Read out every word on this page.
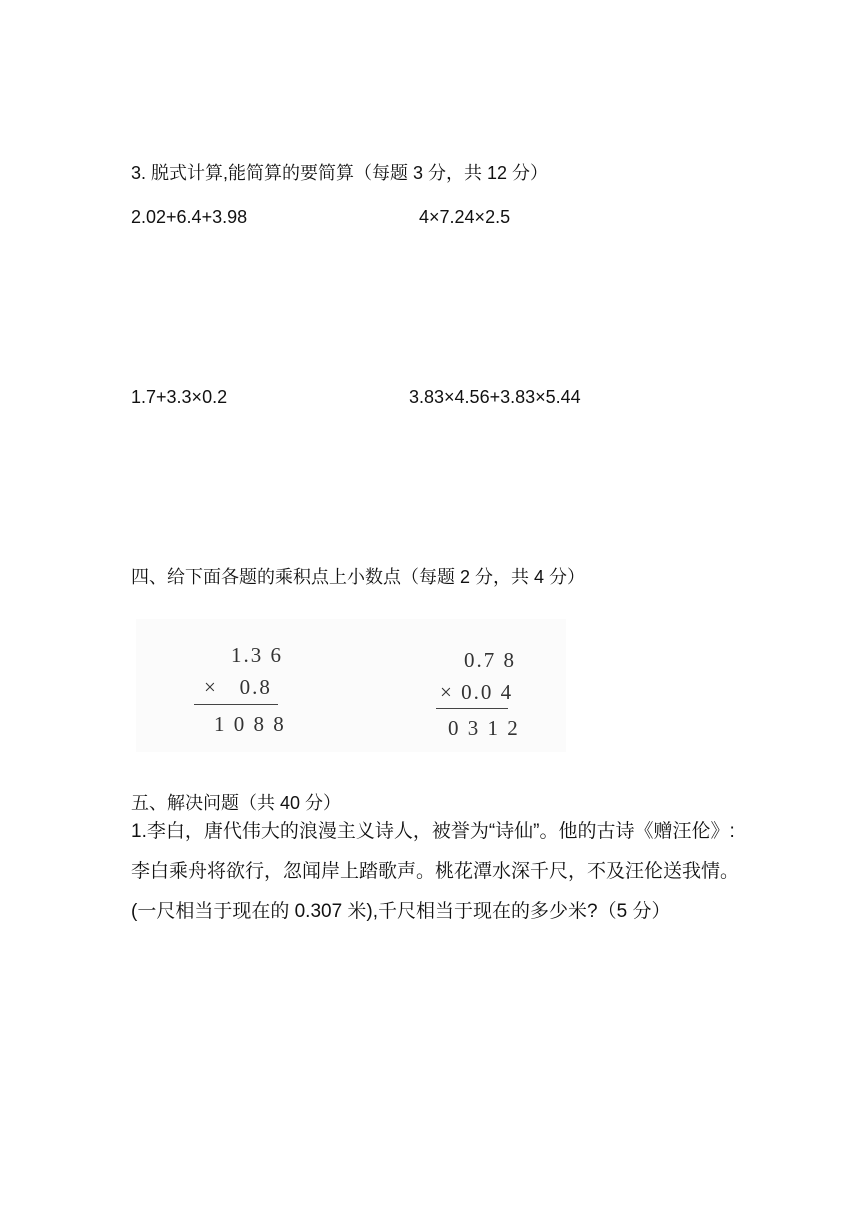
3. 脱式计算,能简算的要简算（每题 3 分，共 12 分）
2.02+6.4+3.98	4×7.24×2.5
1.7+3.3×0.2	3.83×4.56+3.83×5.44
四、给下面各题的乘积点上小数点（每题 2 分，共 4 分）
1.3 6
×   0.8
1 0 8 8
0.7 8
× 0.0 4
0 3 1 2
五、解决问题（共 40 分）
1.李白，唐代伟大的浪漫主义诗人，被誉为“诗仙”。他的古诗《赠汪伦》:李白乘舟将欲行，忽闻岸上踏歌声。桃花潭水深千尺，不及汪伦送我情。(一尺相当于现在的 0.307 米),千尺相当于现在的多少米?（5 分）
